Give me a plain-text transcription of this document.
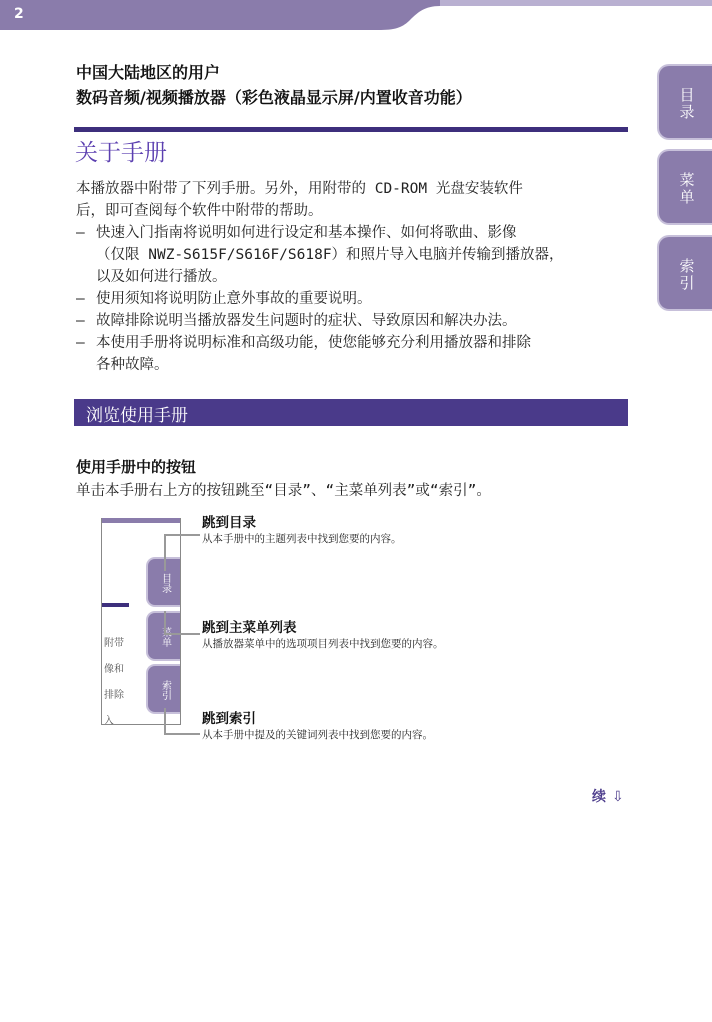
2
目录
菜单
索引
中国大陆地区的用户
数码音频/视频播放器（彩色液晶显示屏/内置收音功能）
关于手册

本播放器中附带了下列手册。另外，用附带的 CD-ROM 光盘安装软件

后，即可查阅每个软件中附带的帮助。

– 快速入门指南将说明如何进行设定和基本操作、如何将歌曲、影像

（仅限 NWZ-S615F/S616F/S618F）和照片导入电脑并传输到播放器，

以及如何进行播放。

– 使用须知将说明防止意外事故的重要说明。

– 故障排除说明当播放器发生问题时的症状、导致原因和解决办法。

– 本使用手册将说明标准和高级功能，使您能够充分利用播放器和排除

各种故障。

浏览使用手册
使用手册中的按钮
单击本手册右上方的按钮跳至“目录”、“主菜单列表”或“索引”。
目录
菜单
索引
附带
像和
排除
入
跳到目录
从本手册中的主题列表中找到您要的内容。
跳到主菜单列表
从播放器菜单中的选项项目列表中找到您要的内容。
跳到索引
从本手册中提及的关键词列表中找到您要的内容。
续 ⇩
